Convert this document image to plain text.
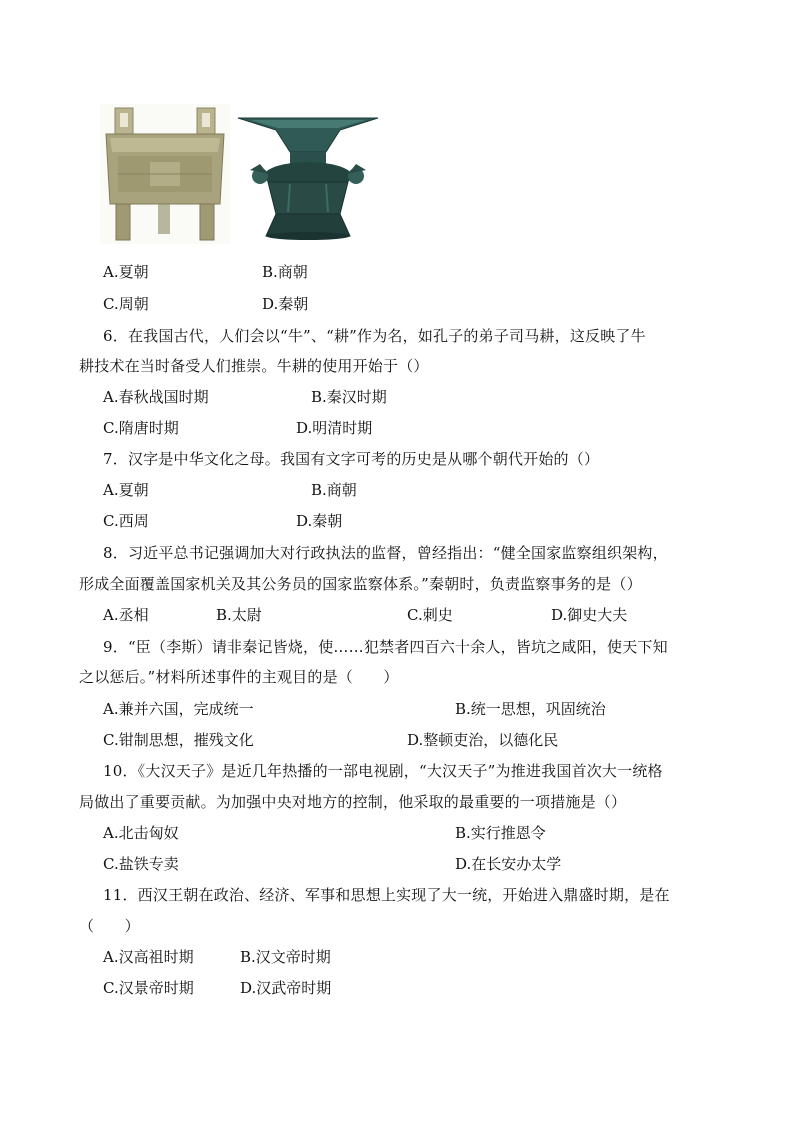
A.夏朝	B.商朝
C.周朝	D.秦朝
6．在我国古代，人们会以“牛”、“耕”作为名，如孔子的弟子司马耕，这反映了牛
耕技术在当时备受人们推崇。牛耕的使用开始于（）
A.春秋战国时期	B.秦汉时期
C.隋唐时期	D.明清时期
7．汉字是中华文化之母。我国有文字可考的历史是从哪个朝代开始的（）
A.夏朝	B.商朝
C.西周	D.秦朝
8．习近平总书记强调加大对行政执法的监督，曾经指出：“健全国家监察组织架构，
形成全面覆盖国家机关及其公务员的国家监察体系。”秦朝时，负责监察事务的是（）
A.丞相	B.太尉	C.刺史	D.御史大夫
9．“臣（李斯）请非秦记皆烧，使……犯禁者四百六十余人，皆坑之咸阳，使天下知
之以惩后。”材料所述事件的主观目的是（　　）
A.兼并六国，完成统一	B.统一思想，巩固统治
C.钳制思想，摧残文化	D.整顿吏治，以德化民
10．《大汉天子》是近几年热播的一部电视剧，“大汉天子”为推进我国首次大一统格
局做出了重要贡献。为加强中央对地方的控制，他采取的最重要的一项措施是（）
A.北击匈奴	B.实行推恩令
C.盐铁专卖	D.在长安办太学
11．西汉王朝在政治、经济、军事和思想上实现了大一统，开始进入鼎盛时期，是在
（　　）
A.汉高祖时期	B.汉文帝时期
C.汉景帝时期	D.汉武帝时期
